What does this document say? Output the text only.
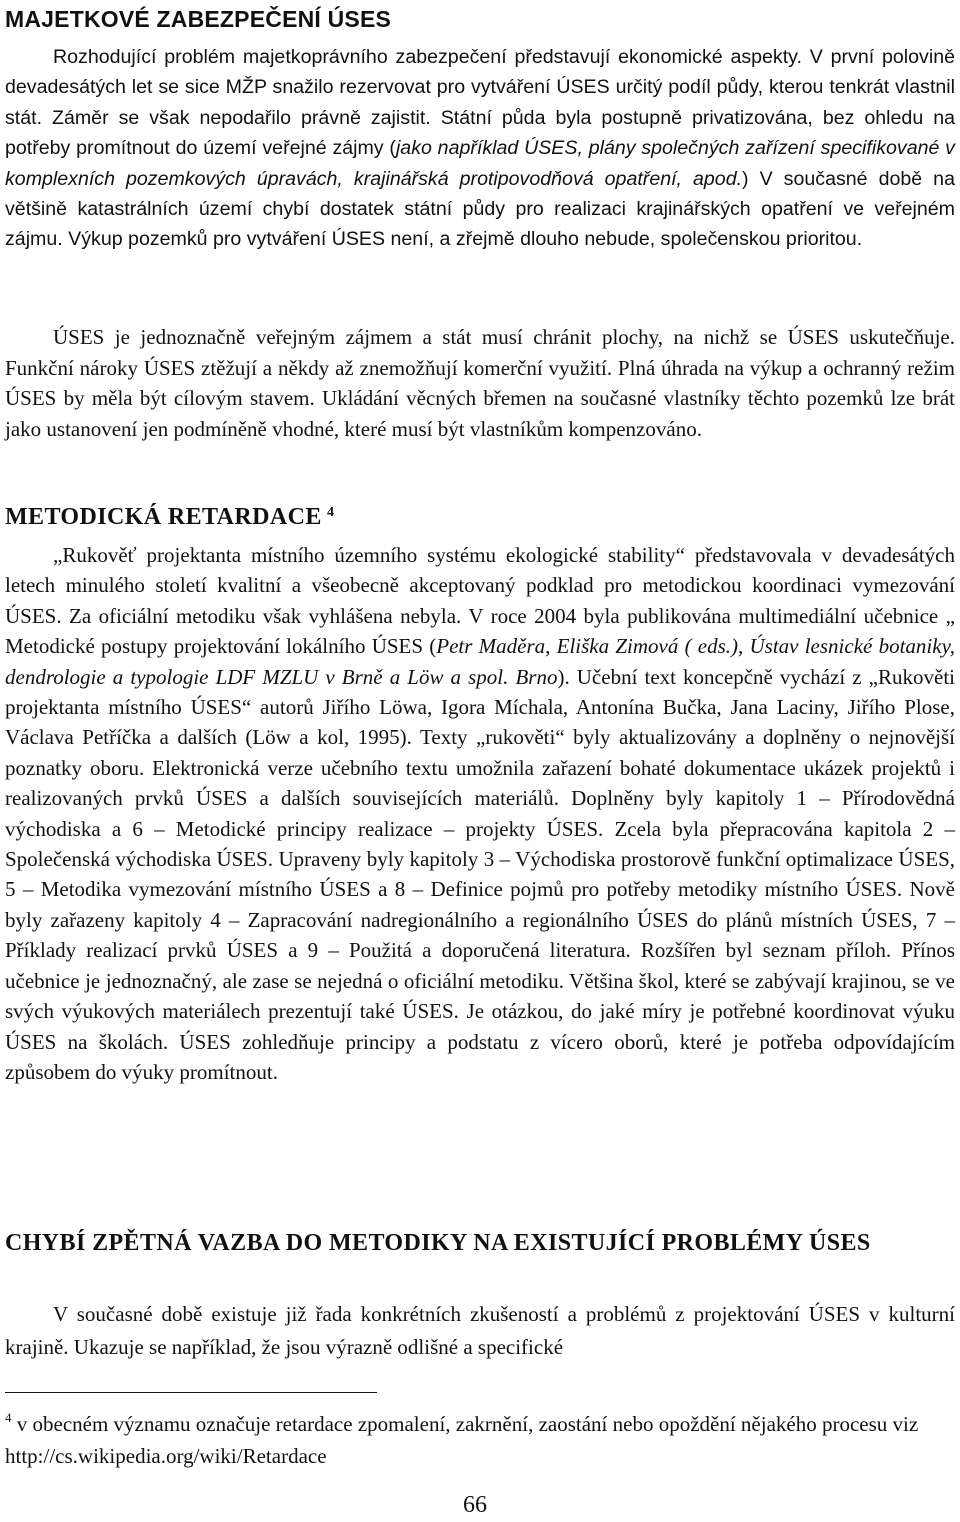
MAJETKOVÉ ZABEZPEČENÍ ÚSES

Rozhodující problém majetkoprávního zabezpečení představují ekonomické aspekty. V první polovině devadesátých let se sice MŽP snažilo rezervovat pro vytváření ÚSES určitý podíl půdy, kterou tenkrát vlastnil stát. Záměr se však nepodařilo právně zajistit. Státní půda byla postupně privatizována, bez ohledu na potřeby promítnout do území veřejné zájmy (jako například ÚSES, plány společných zařízení specifikované v komplexních pozemkových úpravách, krajinářská protipovodňová opatření, apod.) V současné době na většině katastrálních území chybí dostatek státní půdy pro realizaci krajinářských opatření ve veřejném zájmu. Výkup pozemků pro vytváření ÚSES není, a zřejmě dlouho nebude, společenskou prioritou.

ÚSES je jednoznačně veřejným zájmem a stát musí chránit plochy, na nichž se ÚSES uskutečňuje. Funkční nároky ÚSES ztěžují a někdy až znemožňují komerční využití. Plná úhrada na výkup a ochranný režim ÚSES by měla být cílovým stavem. Ukládání věcných břemen na současné vlastníky těchto pozemků lze brát jako ustanovení jen podmíněně vhodné, které musí být vlastníkům kompenzováno.

METODICKÁ RETARDACE  $^4$

„Rukověť projektanta místního územního systému ekologické stability“ představovala v devadesátých letech minulého století kvalitní a všeobecně akceptovaný podklad pro metodickou koordinaci vymezování ÚSES. Za oficiální metodiku však vyhlášena nebyla. V roce 2004 byla publikována multimediální učebnice „ Metodické postupy projektování lokálního ÚSES (Petr Maděra, Eliška Zimová ( eds.), Ústav lesnické botaniky, dendrologie a typologie LDF MZLU v Brně a Löw a spol. Brno). Učební text koncepčně vychází z „Rukověti projektanta místního ÚSES“ autorů Jiřího Löwa, Igora Míchala, Antonína Bučka, Jana Laciny, Jiřího Plose, Václava Petříčka a dalších (Löw a kol, 1995). Texty „rukověti“ byly aktualizovány a doplněny o nejnovější poznatky oboru. Elektronická verze učebního textu umožnila zařazení bohaté dokumentace ukázek projektů i realizovaných prvků ÚSES a dalších souvisejících materiálů. Doplněny byly kapitoly 1 – Přírodovědná východiska a 6 – Metodické principy realizace – projekty ÚSES. Zcela byla přepracována kapitola 2 – Společenská východiska ÚSES. Upraveny byly kapitoly 3 – Východiska prostorově funkční optimalizace ÚSES, 5 – Metodika vymezování místního ÚSES a 8 – Definice pojmů pro potřeby metodiky místního ÚSES. Nově byly zařazeny kapitoly 4 – Zapracování nadregionálního a regionálního ÚSES do plánů místních ÚSES, 7 – Příklady realizací prvků ÚSES a 9 – Použitá a doporučená literatura. Rozšířen byl seznam příloh. Přínos učebnice je jednoznačný, ale zase se nejedná o oficiální metodiku. Většina škol, které se zabývají krajinou, se ve svých výukových materiálech prezentují také ÚSES. Je otázkou, do jaké míry je potřebné koordinovat výuku ÚSES na školách. ÚSES zohledňuje principy a podstatu z vícero oborů, které je potřeba odpovídajícím způsobem do výuky promítnout.

CHYBÍ ZPĚTNÁ VAZBA DO METODIKY NA EXISTUJÍCÍ PROBLÉMY ÚSES

V současné době existuje již řada konkrétních zkušeností a problémů z projektování ÚSES v kulturní krajině. Ukazuje se například, že jsou výrazně odlišné a specifické

$^4$ v obecném významu označuje retardace zpomalení, zakrnění, zaostání nebo opoždění nějakého procesu viz http://cs.wikipedia.org/wiki/Retardace
66
